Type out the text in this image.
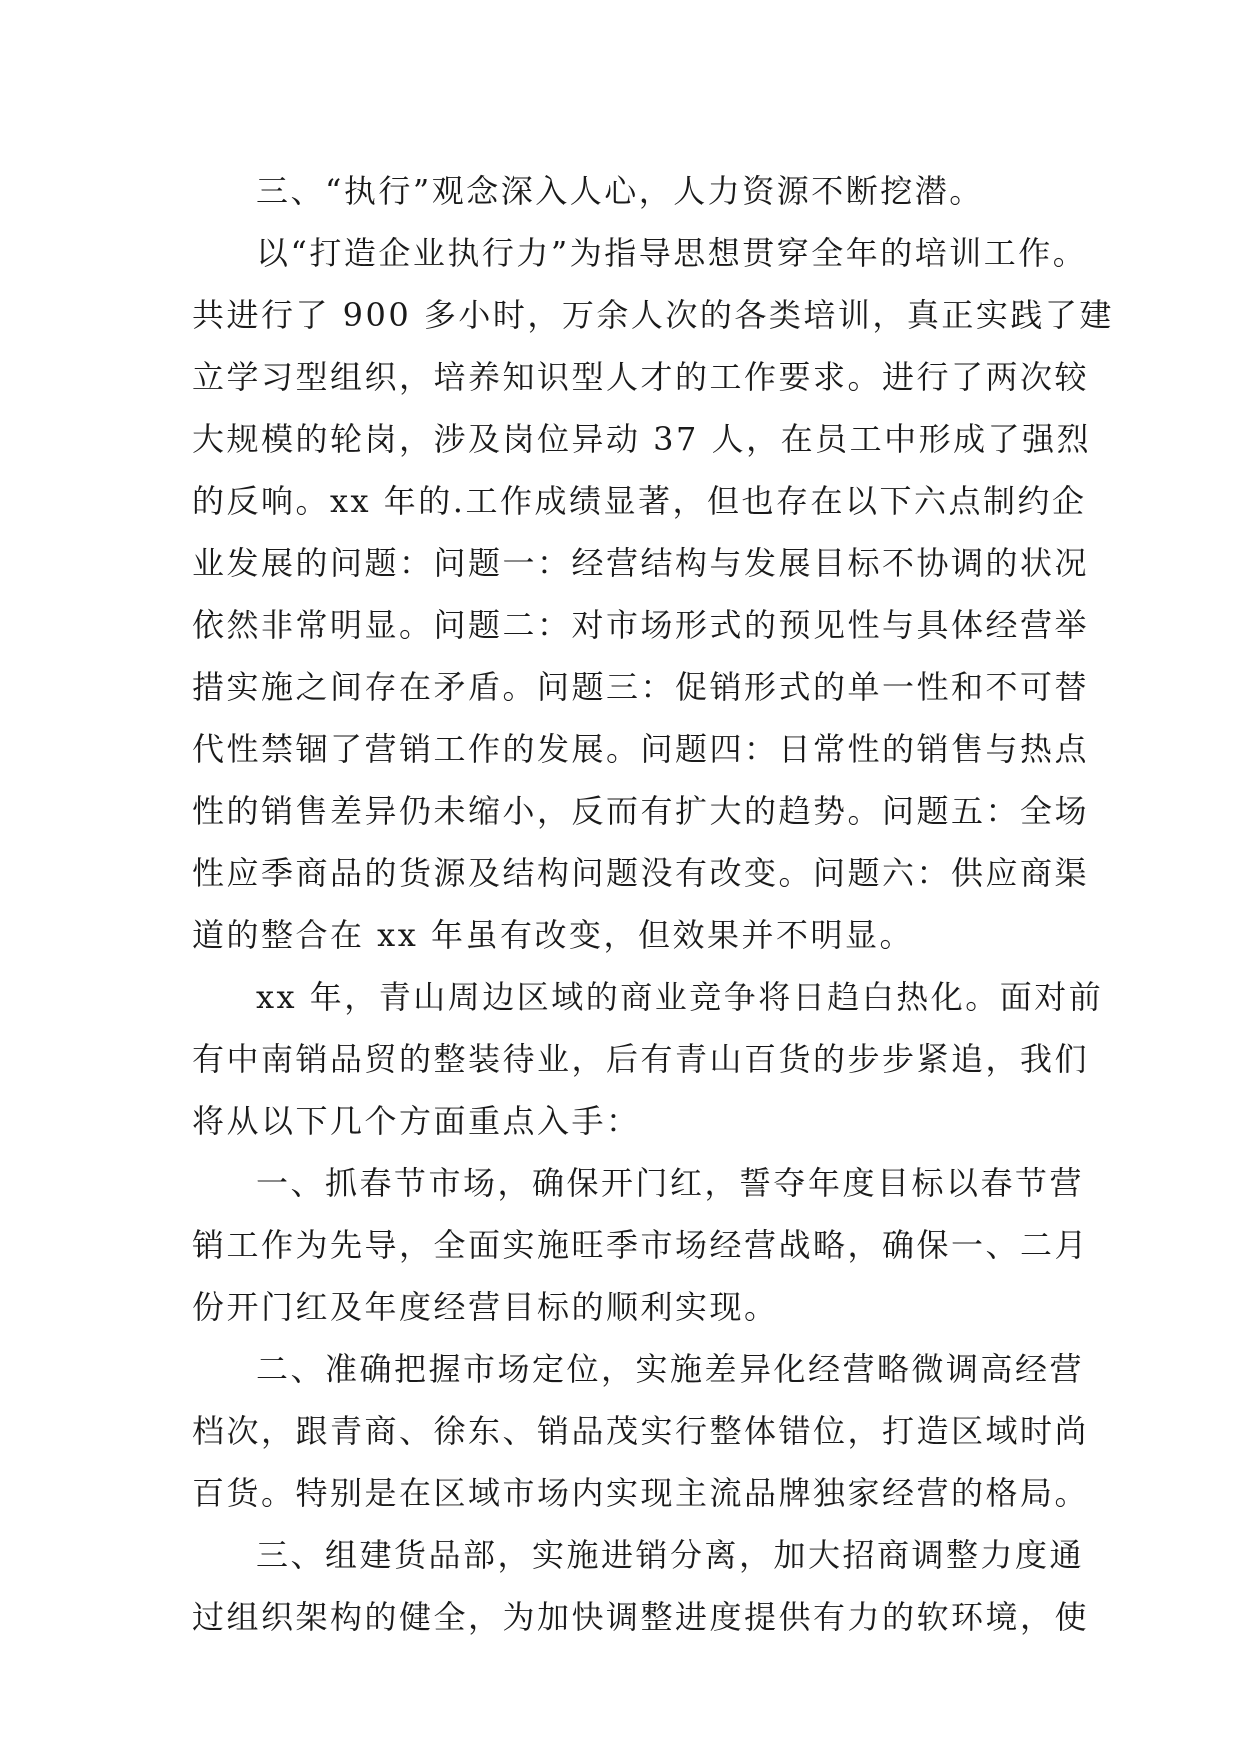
三、“执行”观念深入人心，人力资源不断挖潜。
以“打造企业执行力”为指导思想贯穿全年的培训工作。
共进行了 900 多小时，万余人次的各类培训，真正实践了建
立学习型组织，培养知识型人才的工作要求。进行了两次较
大规模的轮岗，涉及岗位异动 37 人，在员工中形成了强烈
的反响。xx 年的.工作成绩显著，但也存在以下六点制约企
业发展的问题：问题一：经营结构与发展目标不协调的状况
依然非常明显。问题二：对市场形式的预见性与具体经营举
措实施之间存在矛盾。问题三：促销形式的单一性和不可替
代性禁锢了营销工作的发展。问题四：日常性的销售与热点
性的销售差异仍未缩小，反而有扩大的趋势。问题五：全场
性应季商品的货源及结构问题没有改变。问题六：供应商渠
道的整合在 xx 年虽有改变，但效果并不明显。
xx 年，青山周边区域的商业竞争将日趋白热化。面对前
有中南销品贸的整装待业，后有青山百货的步步紧追，我们
将从以下几个方面重点入手：
一、抓春节市场，确保开门红，誓夺年度目标以春节营
销工作为先导，全面实施旺季市场经营战略，确保一、二月
份开门红及年度经营目标的顺利实现。
二、准确把握市场定位，实施差异化经营略微调高经营
档次，跟青商、徐东、销品茂实行整体错位，打造区域时尚
百货。特别是在区域市场内实现主流品牌独家经营的格局。
三、组建货品部，实施进销分离，加大招商调整力度通
过组织架构的健全，为加快调整进度提供有力的软环境，使
